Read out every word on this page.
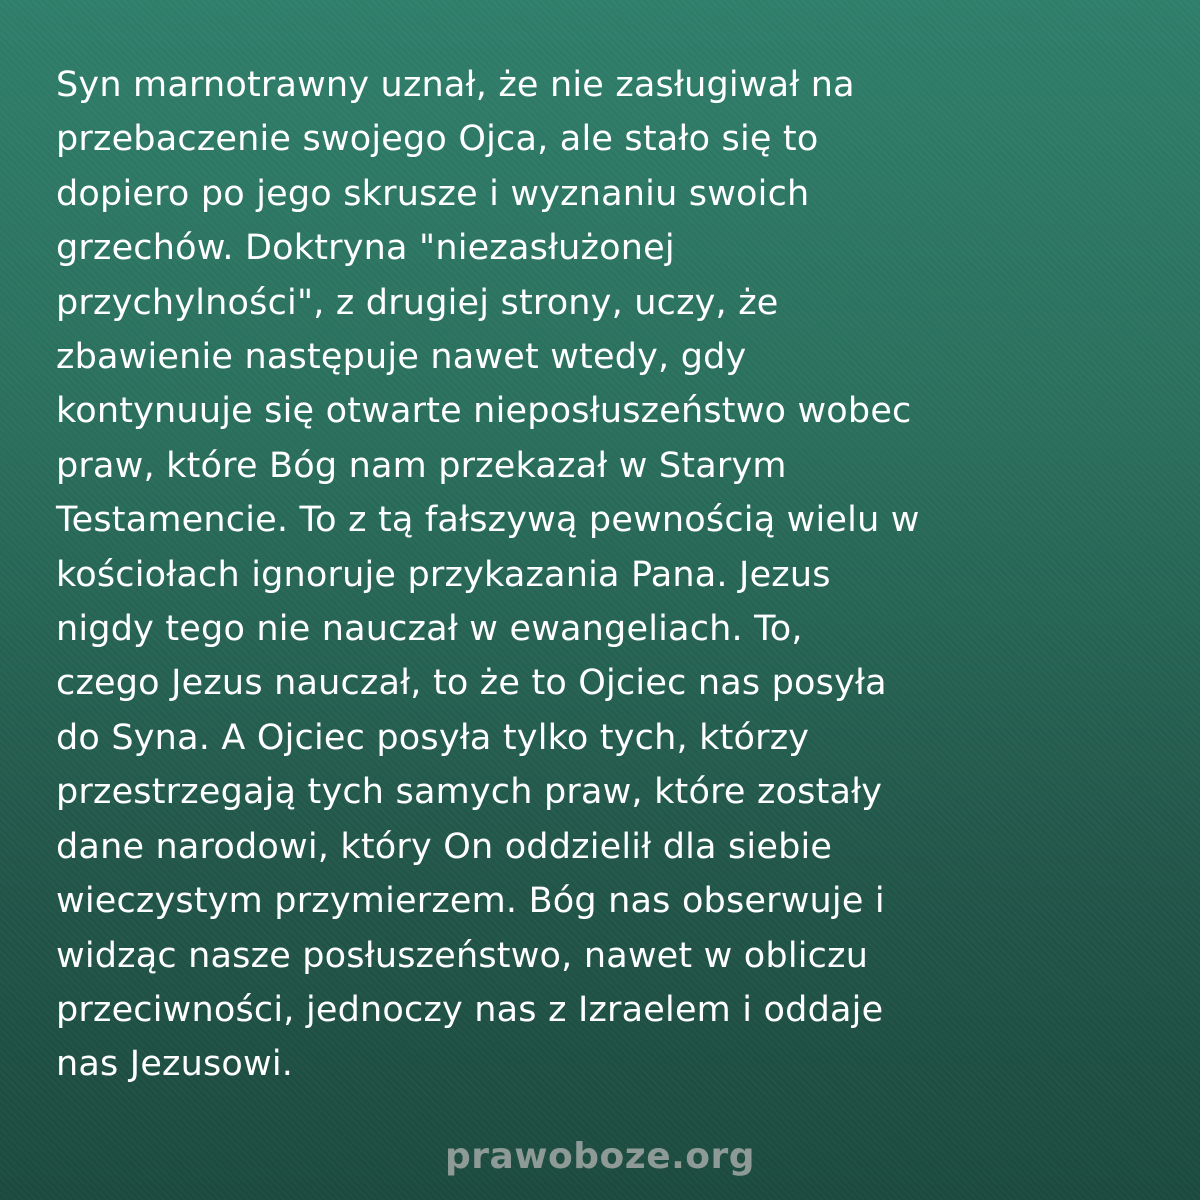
Syn marnotrawny uznał, że nie zasługiwał na
przebaczenie swojego Ojca, ale stało się to
dopiero po jego skrusze i wyznaniu swoich
grzechów. Doktryna "niezasłużonej
przychylności", z drugiej strony, uczy, że
zbawienie następuje nawet wtedy, gdy
kontynuuje się otwarte nieposłuszeństwo wobec
praw, które Bóg nam przekazał w Starym
Testamencie. To z tą fałszywą pewnością wielu w
kościołach ignoruje przykazania Pana. Jezus
nigdy tego nie nauczał w ewangeliach. To,
czego Jezus nauczał, to że to Ojciec nas posyła
do Syna. A Ojciec posyła tylko tych, którzy
przestrzegają tych samych praw, które zostały
dane narodowi, który On oddzielił dla siebie
wieczystym przymierzem. Bóg nas obserwuje i
widząc nasze posłuszeństwo, nawet w obliczu
przeciwności, jednoczy nas z Izraelem i oddaje
nas Jezusowi.

prawoboze.org
